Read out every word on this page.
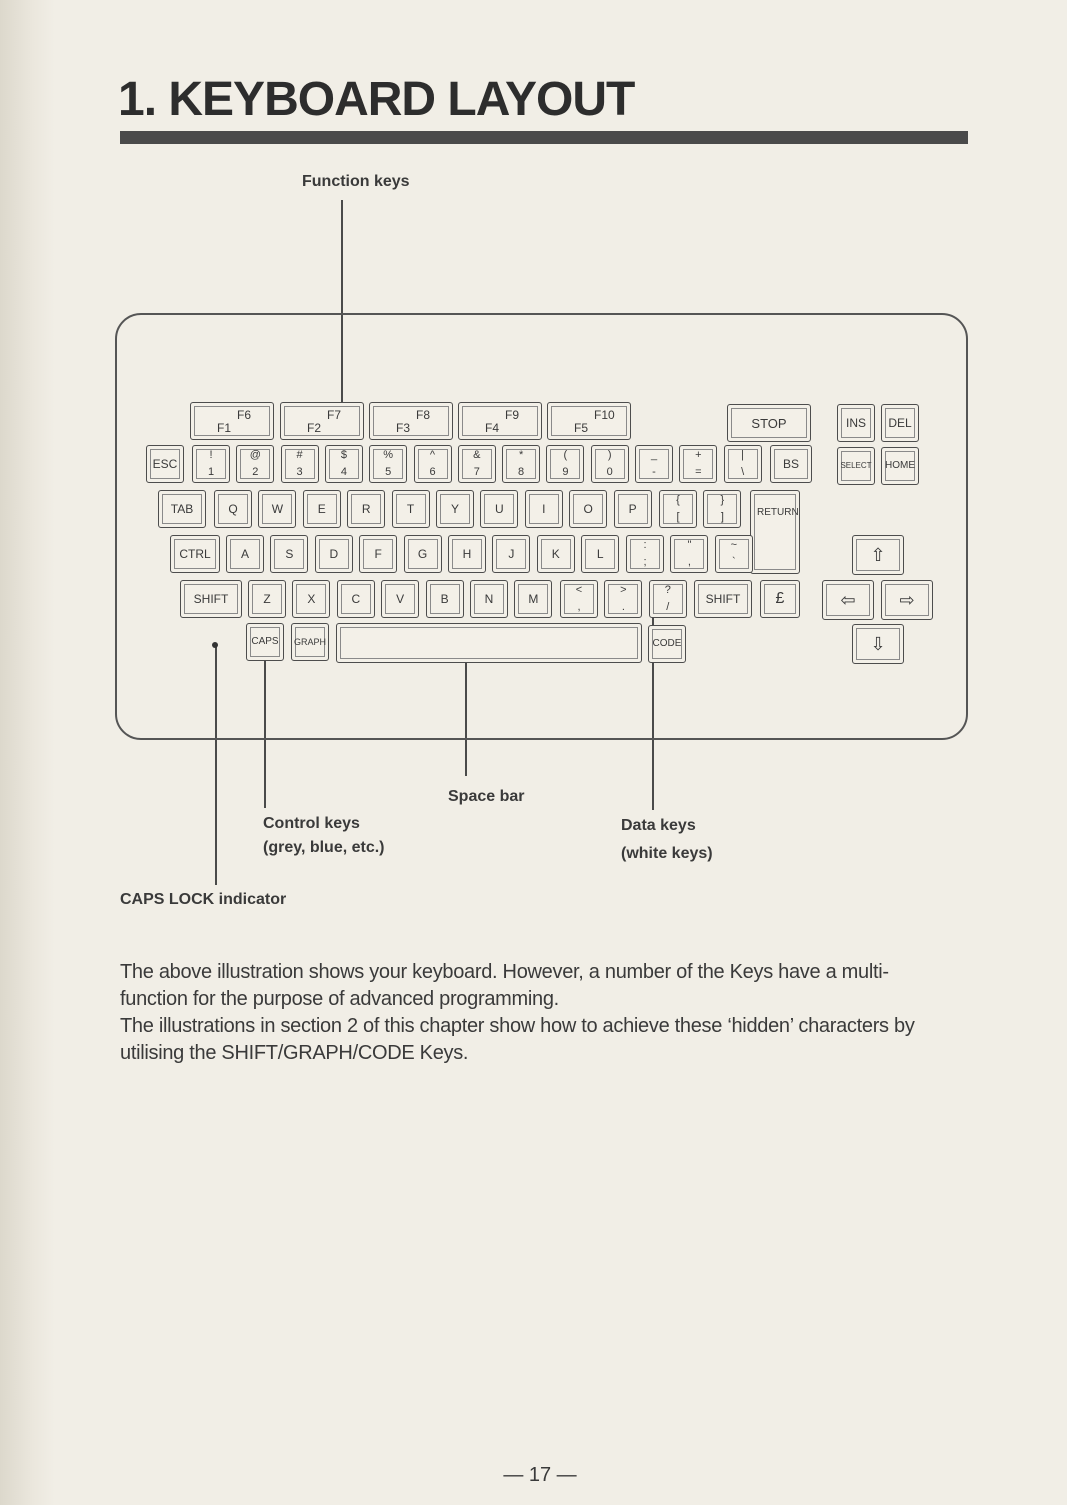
1. KEYBOARD LAYOUT
Function keys
Space bar
Control keys
(grey, blue, etc.)
Data keys
(white keys)
CAPS LOCK indicator
F6
F1
F7
F2
F8
F3
F9
F4
F10
F5	STOP	INS	DEL
ESC
!
1
@
2
#
3
$
4
%
5
^
6
&
7
*
8
(
9
)
0
_
-
+
=
|
\
BS	SELECT	HOME
TAB	Q	W	E	R	T	Y	U	I	O	P
{
[
}
]	RETURN
CTRL	A	S	D	F	G	H	J	K	L
:
;
"
,
~
`
SHIFT	Z	X	C	V	B	N	M
<
,
>
.
?
/
SHIFT	£
CAPS	GRAPH	CODE
⇧
⇦	⇨
⇩

The above illustration shows your keyboard. However, a number of the Keys have a multi-function for the purpose of advanced programming.

The illustrations in section 2 of this chapter show how to achieve these ‘hidden’ characters by utilising the SHIFT/GRAPH/CODE Keys.

— 17 —
